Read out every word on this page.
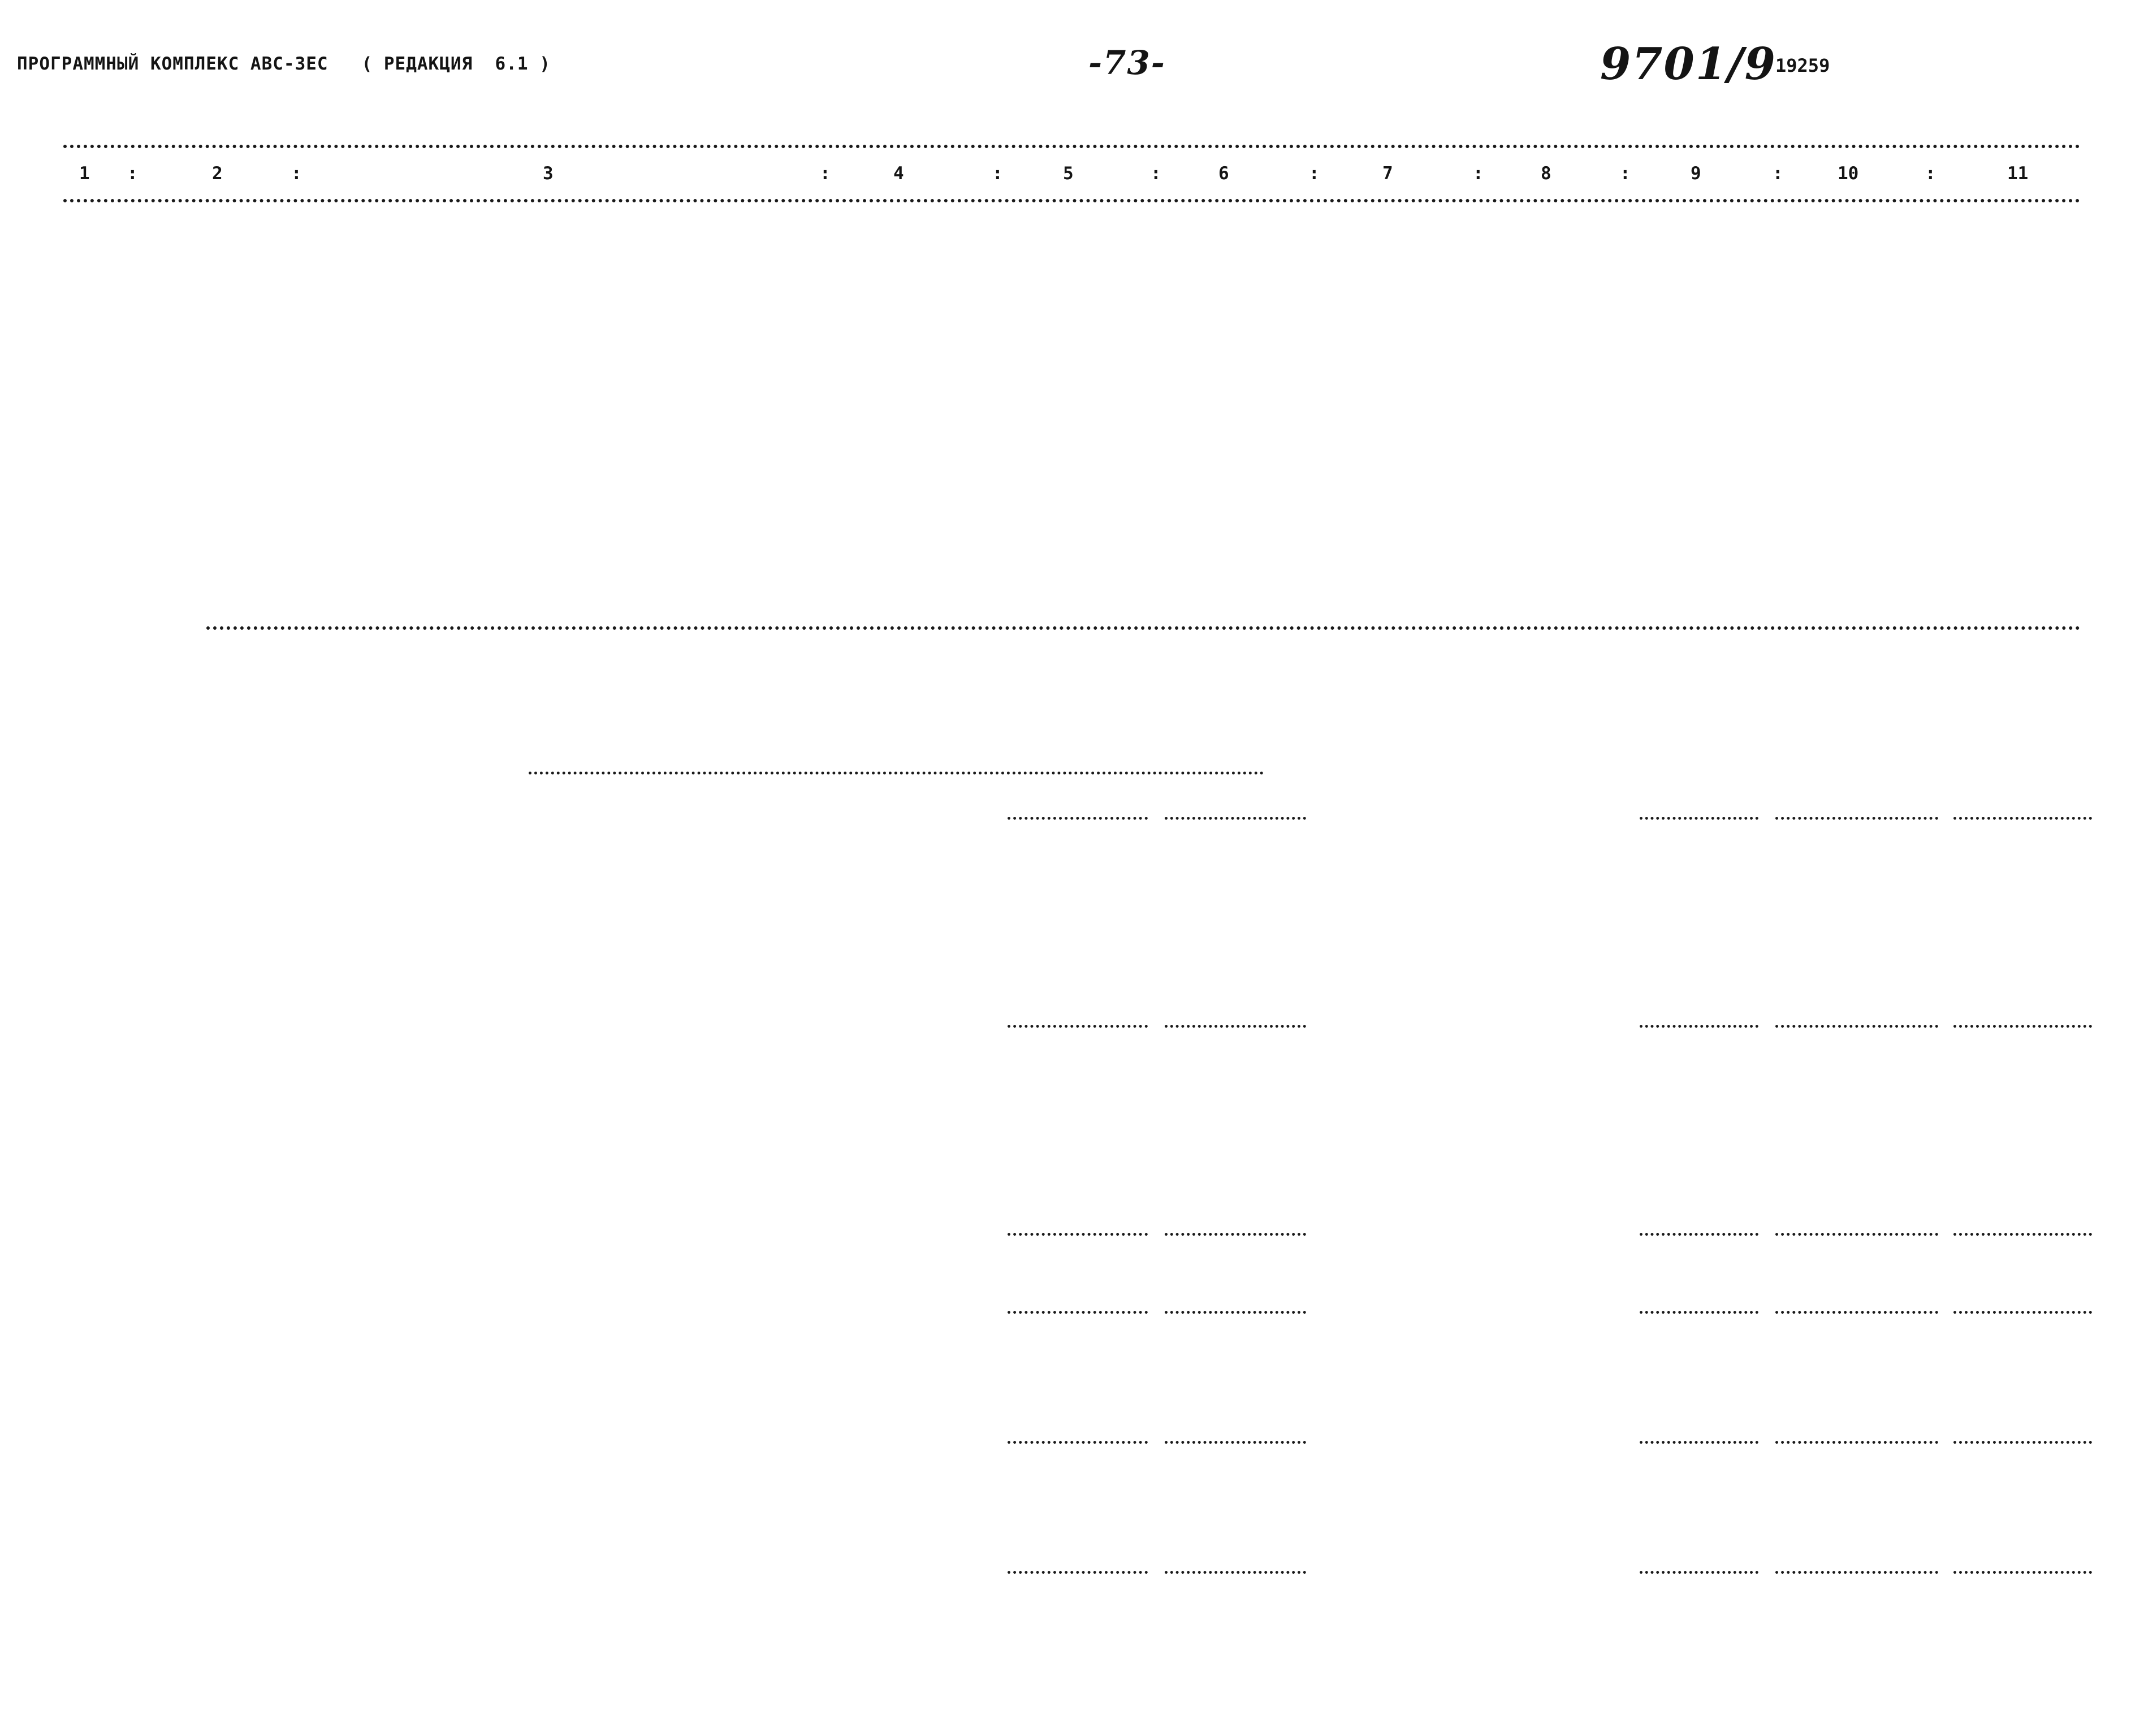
ПРОГРАММНЫЙ КОМПЛЕКС АВС-3ЕС   ( РЕДАКЦИЯ  6.1 )	-73-	9701/9
19259
1	2	3	4	5	6	7	8	9	10	11
:	:	:	:	:	:	:	:	:	:
